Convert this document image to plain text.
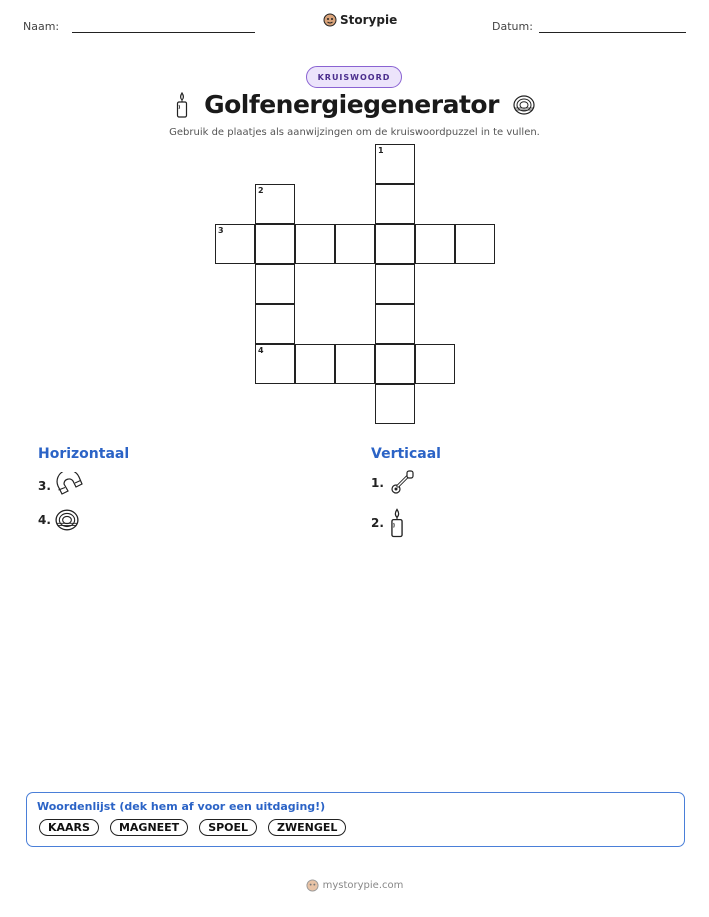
Naam:	Storypie	Datum:
KRUISWOORD
Golfenergiegenerator
Gebruik de plaatjes als aanwijzingen om de kruiswoordpuzzel in te vullen.
1
2
3
4
Horizontaal	Verticaal
3.
4.
1.
2.
Woordenlijst (dek hem af voor een uitdaging!)
KAARS	MAGNEET	SPOEL	ZWENGEL
mystorypie.com
